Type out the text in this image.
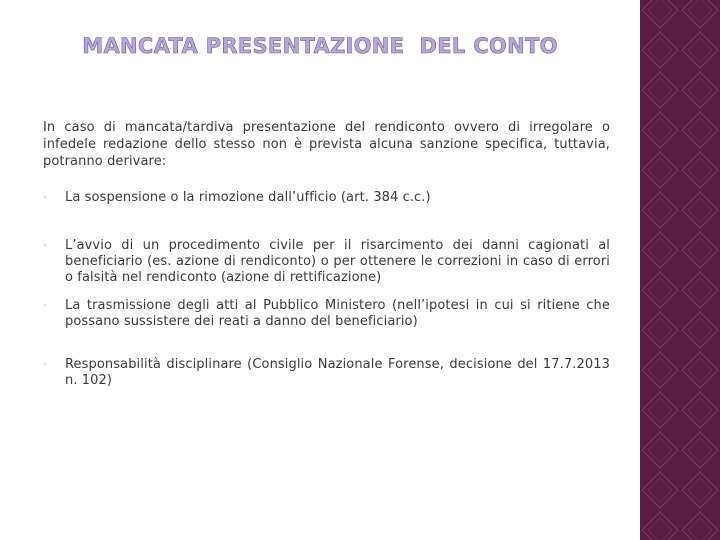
MANCATA PRESENTAZIONE  DEL CONTO
In caso di mancata/tardiva presentazione del rendiconto ovvero di irregolare o infedele redazione dello stesso non è prevista alcuna sanzione specifica, tuttavia, potranno derivare:
◦ La sospensione o la rimozione dall’ufficio (art. 384 c.c.)
◦ L’avvio di un procedimento civile per il risarcimento dei danni cagionati al beneficiario (es. azione di rendiconto) o per ottenere le correzioni in caso di errori o falsità nel rendiconto (azione di rettificazione)
◦ La trasmissione degli atti al Pubblico Ministero (nell’ipotesi in cui si ritiene che possano sussistere dei reati a danno del beneficiario)
◦ Responsabilità disciplinare (Consiglio Nazionale Forense, decisione del 17.7.2013 n. 102)
